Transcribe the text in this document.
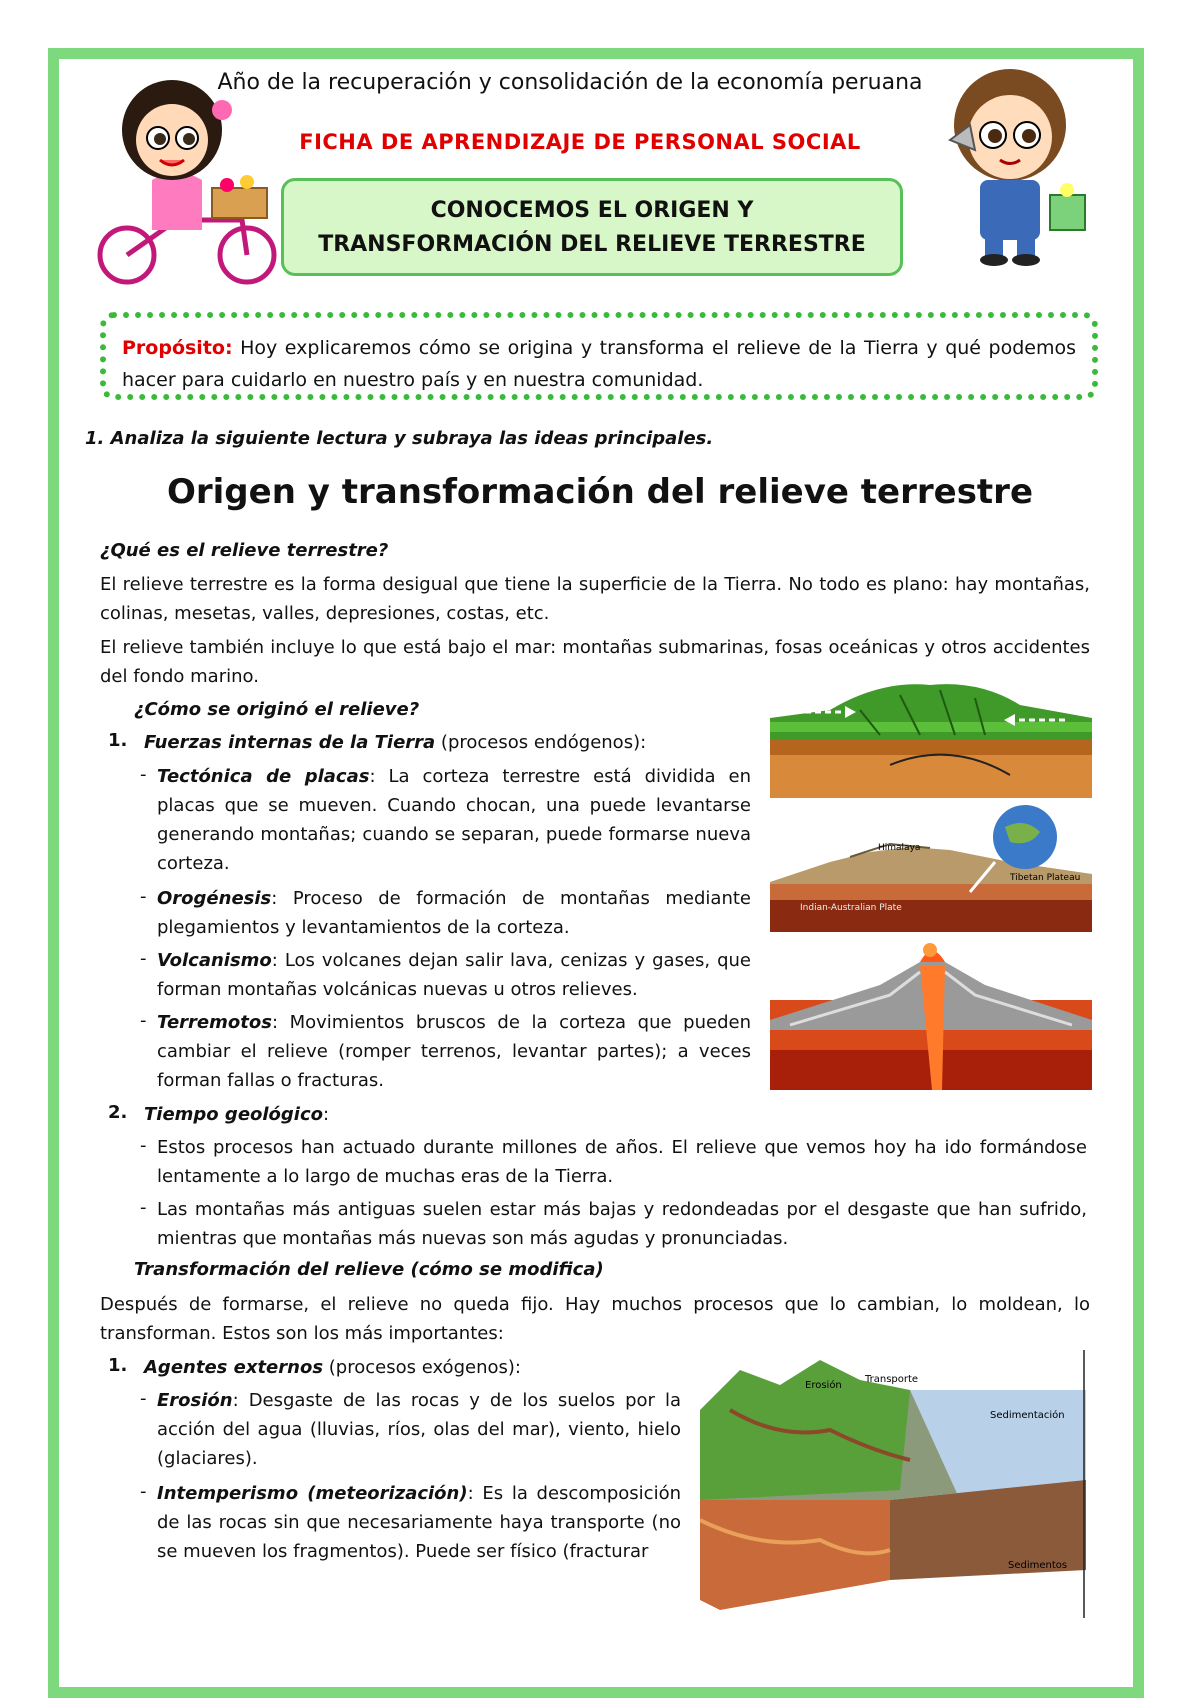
Año de la recuperación y consolidación de la economía peruana
FICHA DE APRENDIZAJE DE PERSONAL SOCIAL
CONOCEMOS EL ORIGEN Y
TRANSFORMACIÓN DEL RELIEVE TERRESTRE
Propósito: Hoy explicaremos cómo se origina y transforma el relieve de la Tierra y qué podemos hacer para cuidarlo en nuestro país y en nuestra comunidad.
1. Analiza la siguiente lectura y subraya las ideas principales.
Origen y transformación del relieve terrestre
¿Qué es el relieve terrestre?
El relieve terrestre es la forma desigual que tiene la superficie de la Tierra. No todo es plano: hay montañas, colinas, mesetas, valles, depresiones, costas, etc.
El relieve también incluye lo que está bajo el mar: montañas submarinas, fosas oceánicas y otros accidentes del fondo marino.
¿Cómo se originó el relieve?
1. Fuerzas internas de la Tierra (procesos endógenos):
- Tectónica de placas: La corteza terrestre está dividida en placas que se mueven. Cuando chocan, una puede levantarse generando montañas; cuando se separan, puede formarse nueva corteza.
- Orogénesis: Proceso de formación de montañas mediante plegamientos y levantamientos de la corteza.
- Volcanismo: Los volcanes dejan salir lava, cenizas y gases, que forman montañas volcánicas nuevas u otros relieves.
- Terremotos: Movimientos bruscos de la corteza que pueden cambiar el relieve (romper terrenos, levantar partes); a veces forman fallas o fracturas.
2. Tiempo geológico:
- Estos procesos han actuado durante millones de años. El relieve que vemos hoy ha ido formándose lentamente a lo largo de muchas eras de la Tierra.
- Las montañas más antiguas suelen estar más bajas y redondeadas por el desgaste que han sufrido, mientras que montañas más nuevas son más agudas y pronunciadas.
Transformación del relieve (cómo se modifica)
Después de formarse, el relieve no queda fijo. Hay muchos procesos que lo cambian, lo moldean, lo transforman. Estos son los más importantes:
1. Agentes externos (procesos exógenos):
- Erosión: Desgaste de las rocas y de los suelos por la acción del agua (lluvias, ríos, olas del mar), viento, hielo (glaciares).
- Intemperismo (meteorización): Es la descomposición de las rocas sin que necesariamente haya transporte (no se mueven los fragmentos). Puede ser físico (fracturar
Himalaya
Tibetan Plateau
Indian-Australian Plate
Erosión
Transporte
Sedimentación
Sedimentos
